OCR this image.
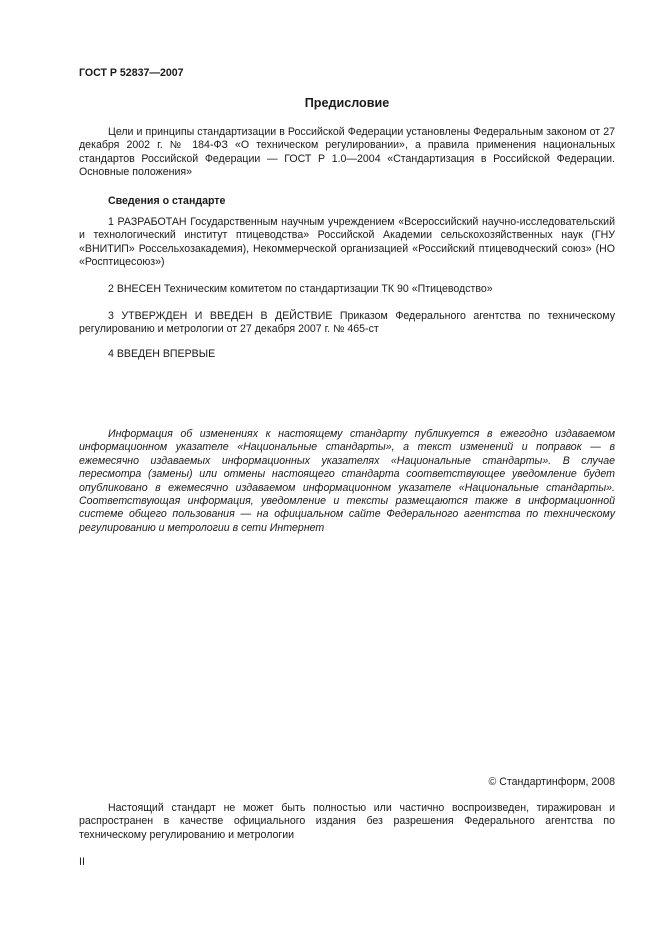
ГОСТ Р 52837—2007

Предисловие

Цели и принципы стандартизации в Российской Федерации установлены Федеральным законом от 27 декабря 2002 г. № 184-ФЗ «О техническом регулировании», а правила применения национальных стандартов Российской Федерации — ГОСТ Р 1.0—2004 «Стандартизация в Российской Федерации. Основные положения»

Сведения о стандарте

1 РАЗРАБОТАН Государственным научным учреждением «Всероссийский научно-исследовательский и технологический институт птицеводства» Российской Академии сельскохозяйственных наук (ГНУ «ВНИТИП» Россельхозакадемия), Некоммерческой организацией «Российский птицеводческий союз» (НО «Росптицесоюз»)

2 ВНЕСЕН Техническим комитетом по стандартизации ТК 90 «Птицеводство»

3 УТВЕРЖДЕН И ВВЕДЕН В ДЕЙСТВИЕ Приказом Федерального агентства по техническому регулированию и метрологии от 27 декабря 2007 г. № 465-ст

4 ВВЕДЕН ВПЕРВЫЕ

Информация об изменениях к настоящему стандарту публикуется в ежегодно издаваемом информационном указателе «Национальные стандарты», а текст изменений и поправок — в ежемесячно издаваемых информационных указателях «Национальные стандарты». В случае пересмотра (замены) или отмены настоящего стандарта соответствующее уведомление будет опубликовано в ежемесячно издаваемом информационном указателе «Национальные стандарты». Соответствующая информация, уведомление и тексты размещаются также в информационной системе общего пользования — на официальном сайте Федерального агентства по техническому регулированию и метрологии в сети Интернет

© Стандартинформ, 2008

Настоящий стандарт не может быть полностью или частично воспроизведен, тиражирован и распространен в качестве официального издания без разрешения Федерального агентства по техническому регулированию и метрологии

II
